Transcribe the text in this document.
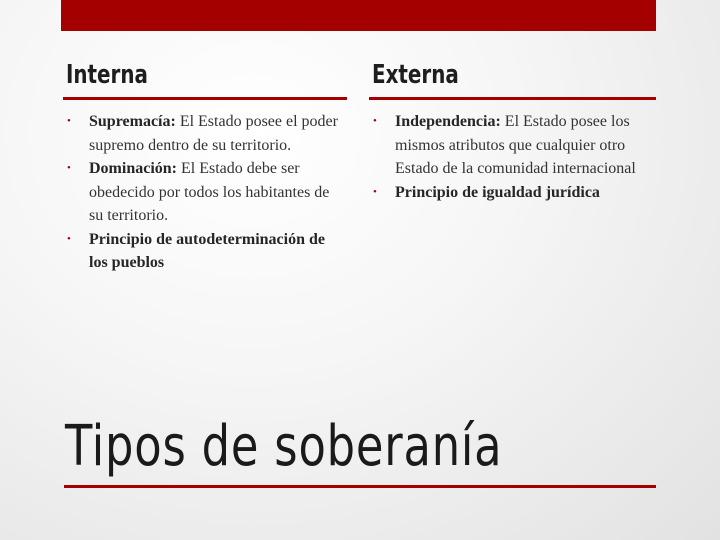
Interna	Externa
• Supremacía: El Estado posee el poder supremo dentro de su territorio.
• Dominación: El Estado debe ser obedecido por todos los habitantes de su territorio.
• Principio de autodeterminación de los pueblos
• Independencia: El Estado posee los mismos atributos que cualquier otro Estado de la comunidad internacional
• Principio de igualdad jurídica
Tipos de soberanía
